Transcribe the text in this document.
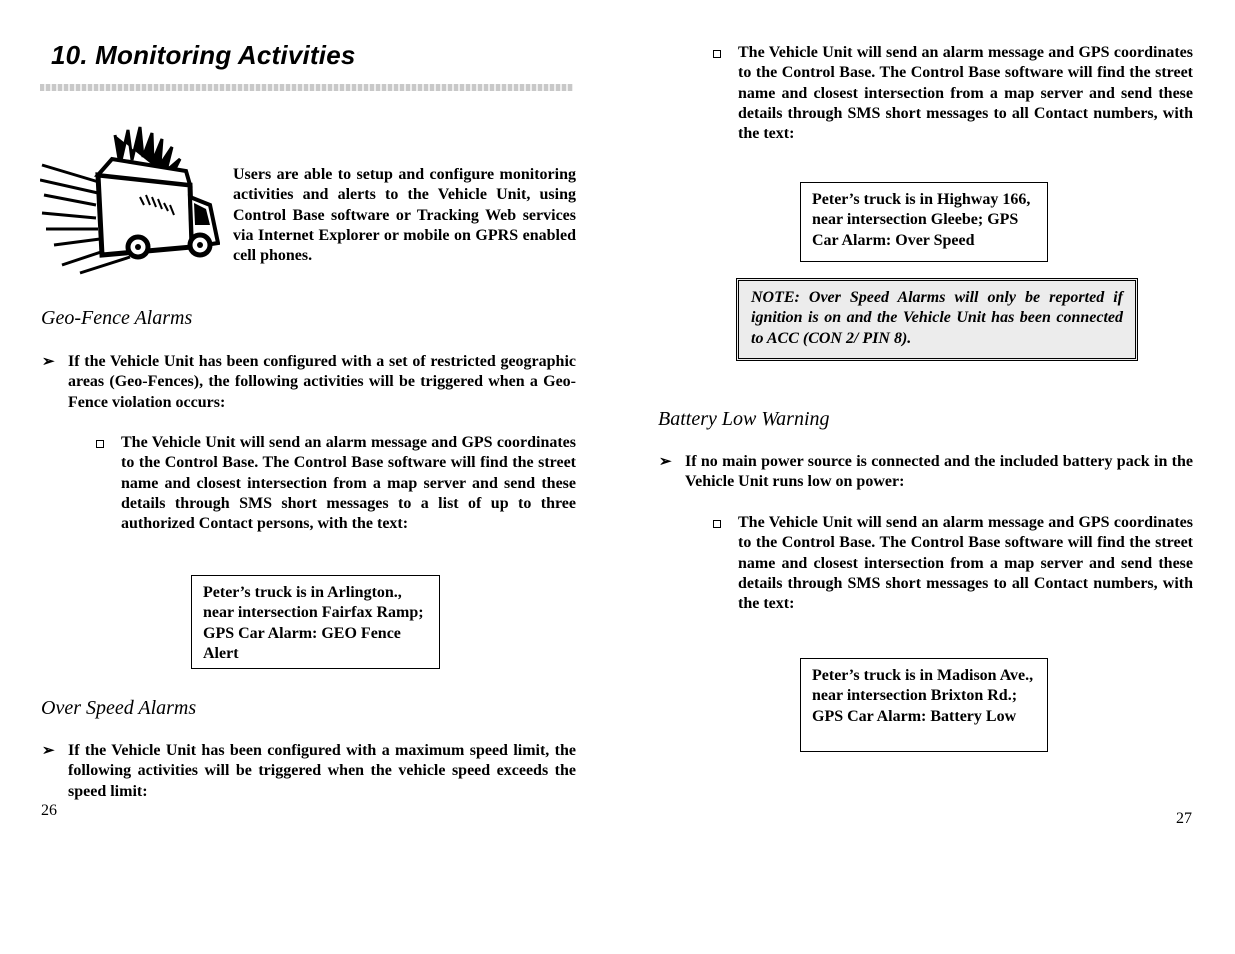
10. Monitoring Activities

Users are able to setup and configure monitoring activities and alerts to the Vehicle Unit, using Control Base software or Tracking Web services via Internet Explorer or mobile on GPRS enabled cell phones.

Geo-Fence Alarms
➢ If the Vehicle Unit has been configured with a set of restricted geographic areas (Geo-Fences), the following activities will be triggered when a Geo-Fence violation occurs:

The Vehicle Unit will send an alarm message and GPS coordinates to the Control Base. The Control Base software will find the street name and closest intersection from a map server and send these details through SMS short messages to a list of up to three authorized Contact persons, with the text:

Peter’s truck is in Arlington., near intersection Fairfax Ramp; GPS Car Alarm: GEO Fence Alert
Over Speed Alarms
➢ If the Vehicle Unit has been configured with a maximum speed limit, the following activities will be triggered when the vehicle speed exceeds the speed limit:

26

The Vehicle Unit will send an alarm message and GPS coordinates to the Control Base. The Control Base software will find the street name and closest intersection from a map server and send these details through SMS short messages to all Contact numbers, with the text:

Peter’s truck is in Highway 166, near intersection Gleebe; GPS Car Alarm: Over Speed
NOTE: Over Speed Alarms will only be reported if ignition is on and the Vehicle Unit has been connected to ACC (CON 2/ PIN 8).
Battery Low Warning
➢ If no main power source is connected and the included battery pack in the Vehicle Unit runs low on power:

The Vehicle Unit will send an alarm message and GPS coordinates to the Control Base. The Control Base software will find the street name and closest intersection from a map server and send these details through SMS short messages to all Contact numbers, with the text:

Peter’s truck is in Madison Ave., near intersection Brixton Rd.; GPS Car Alarm: Battery Low
27
